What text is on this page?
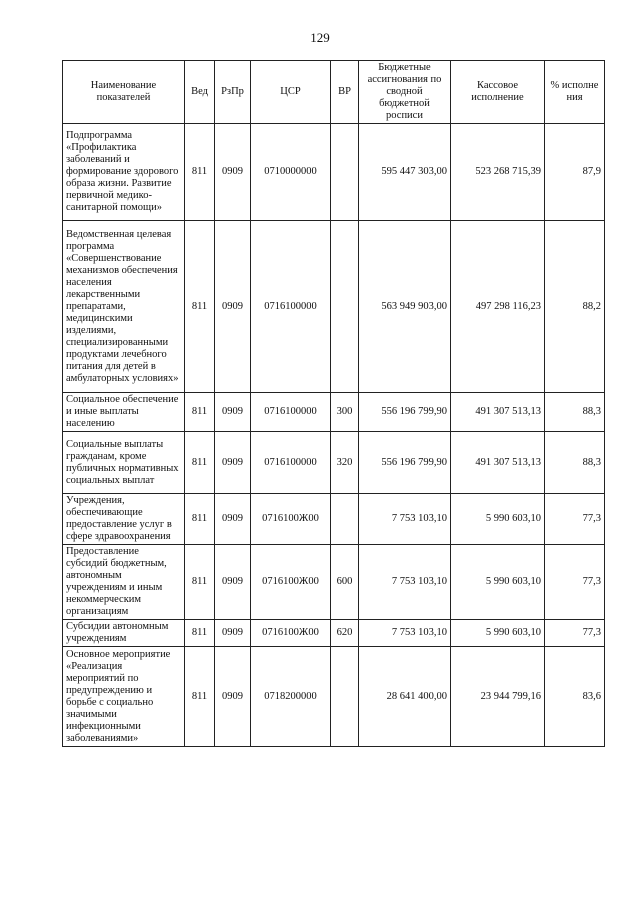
129
Наименование показателей	Вед	РзПр	ЦСР	ВР	Бюджетные ассигнования по сводной бюджетной росписи	Кассовое исполнение	% исполне ния
Подпрограмма «Профилактика заболеваний и формирование здорового образа жизни. Развитие первичной медико-санитарной помощи»	811	0909	0710000000		595 447 303,00	523 268 715,39	87,9
Ведомственная целевая программа «Совершенствование механизмов обеспечения населения лекарственными препаратами, медицинскими изделиями, специализированными продуктами лечебного питания для детей в амбулаторных условиях»	811	0909	0716100000		563 949 903,00	497 298 116,23	88,2
Социальное обеспечение и иные выплаты населению	811	0909	0716100000	300	556 196 799,90	491 307 513,13	88,3
Социальные выплаты гражданам, кроме публичных нормативных социальных выплат	811	0909	0716100000	320	556 196 799,90	491 307 513,13	88,3
Учреждения, обеспечивающие предоставление услуг в сфере здравоохранения	811	0909	0716100Ж00		7 753 103,10	5 990 603,10	77,3
Предоставление субсидий бюджетным, автономным учреждениям и иным некоммерческим организациям	811	0909	0716100Ж00	600	7 753 103,10	5 990 603,10	77,3
Субсидии автономным учреждениям	811	0909	0716100Ж00	620	7 753 103,10	5 990 603,10	77,3
Основное мероприятие «Реализация мероприятий по предупреждению и борьбе с социально значимыми инфекционными заболеваниями»	811	0909	0718200000		28 641 400,00	23 944 799,16	83,6
